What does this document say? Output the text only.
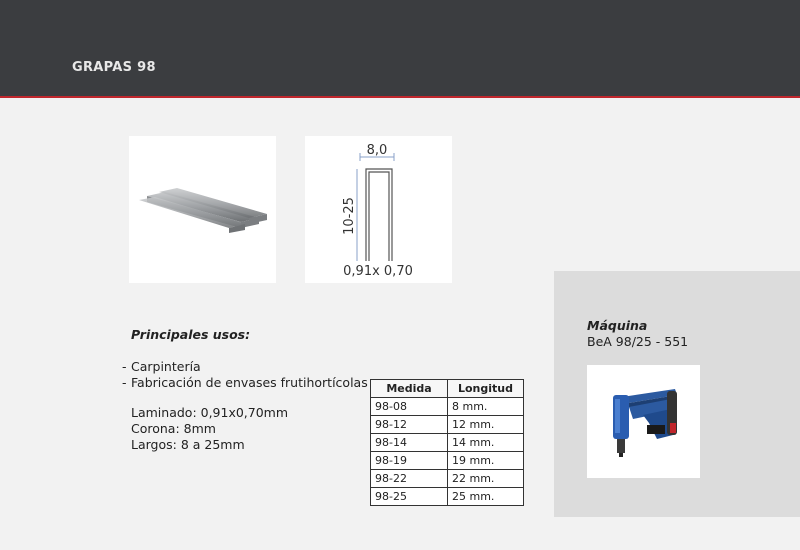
GRAPAS 98
8,0
10-25
0,91x 0,70
Máquina
BeA 98/25 - 551
Principales usos:
- Carpintería
- Fabricación de envases frutihortícolas
Laminado: 0,91x0,70mm
Corona: 8mm
Largos: 8 a 25mm
Medida	Longitud
98-08	8 mm.
98-12	12 mm.
98-14	14 mm.
98-19	19 mm.
98-22	22 mm.
98-25	25 mm.
